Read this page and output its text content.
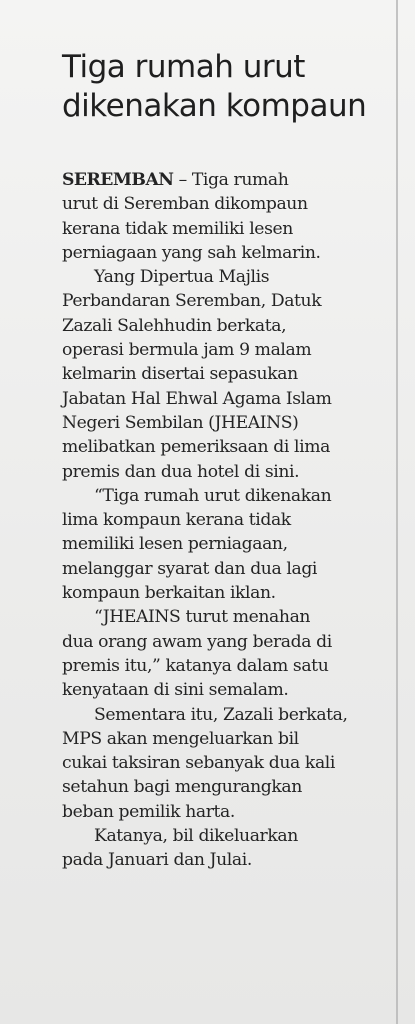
Tiga rumah urut
dikenakan kompaun
SEREMBAN – Tiga rumah
urut di Seremban dikompaun
kerana tidak memiliki lesen
perniagaan yang sah kelmarin.
Yang Dipertua Majlis
Perbandaran Seremban, Datuk
Zazali Salehhudin berkata,
operasi bermula jam 9 malam
kelmarin disertai sepasukan
Jabatan Hal Ehwal Agama Islam
Negeri Sembilan (JHEAINS)
melibatkan pemeriksaan di lima
premis dan dua hotel di sini.
“Tiga rumah urut dikenakan
lima kompaun kerana tidak
memiliki lesen perniagaan,
melanggar syarat dan dua lagi
kompaun berkaitan iklan.
“JHEAINS turut menahan
dua orang awam yang berada di
premis itu,” katanya dalam satu
kenyataan di sini semalam.
Sementara itu, Zazali berkata,
MPS akan mengeluarkan bil
cukai taksiran sebanyak dua kali
setahun bagi mengurangkan
beban pemilik harta.
Katanya, bil dikeluarkan
pada Januari dan Julai.
